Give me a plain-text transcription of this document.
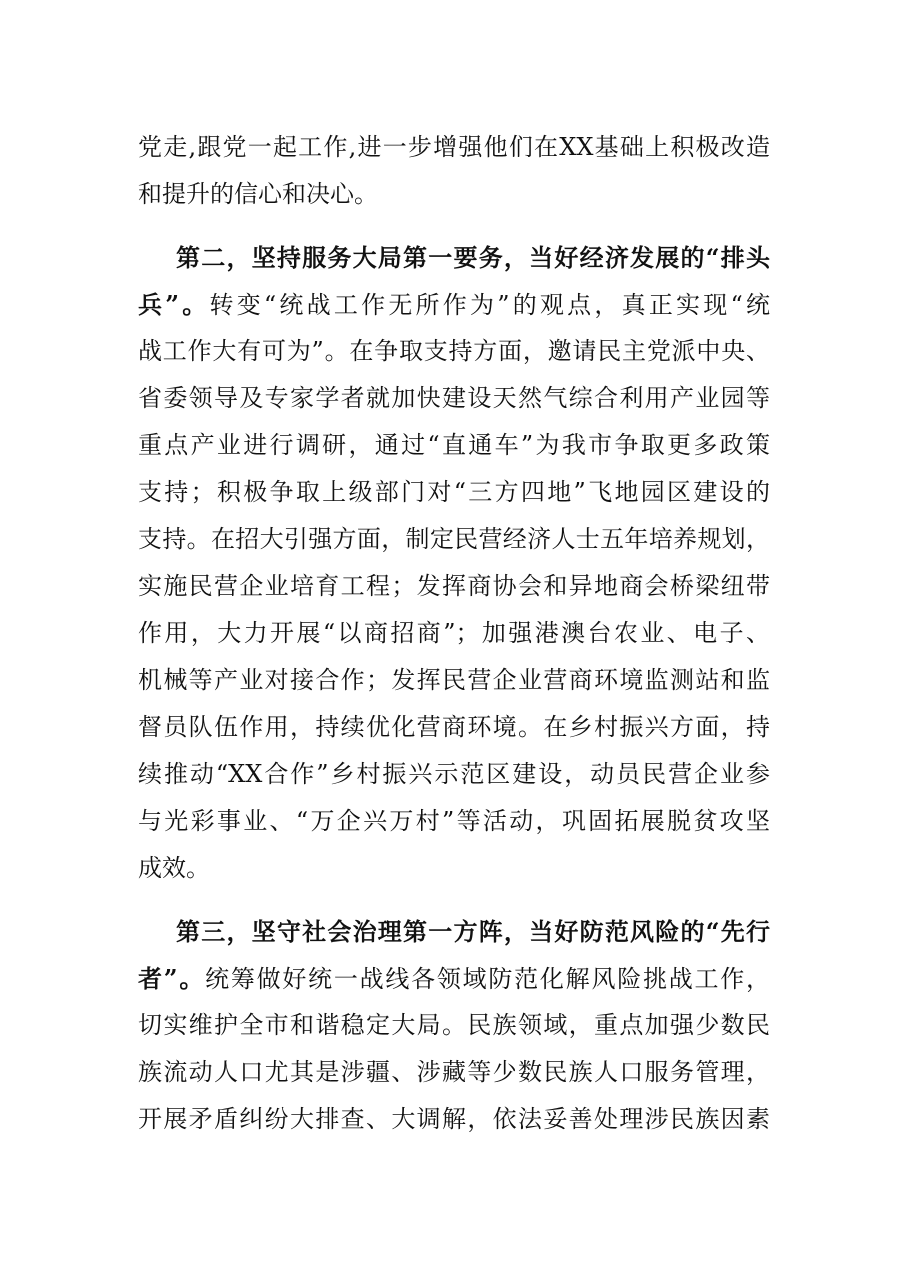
党走,跟党一起工作,进一步增强他们在XX基础上积极改造
和提升的信心和决心。
第二，坚持服务大局第一要务，当好经济发展的“排头
兵”。转变“统战工作无所作为”的观点，真正实现“统
战工作大有可为”。在争取支持方面，邀请民主党派中央、
省委领导及专家学者就加快建设天然气综合利用产业园等
重点产业进行调研，通过“直通车”为我市争取更多政策
支持；积极争取上级部门对“三方四地”飞地园区建设的
支持。在招大引强方面，制定民营经济人士五年培养规划，
实施民营企业培育工程；发挥商协会和异地商会桥梁纽带
作用，大力开展“以商招商”；加强港澳台农业、电子、
机械等产业对接合作；发挥民营企业营商环境监测站和监
督员队伍作用，持续优化营商环境。在乡村振兴方面，持
续推动“XX合作”乡村振兴示范区建设，动员民营企业参
与光彩事业、“万企兴万村”等活动，巩固拓展脱贫攻坚
成效。
第三，坚守社会治理第一方阵，当好防范风险的“先行
者”。统筹做好统一战线各领域防范化解风险挑战工作，
切实维护全市和谐稳定大局。民族领域，重点加强少数民
族流动人口尤其是涉疆、涉藏等少数民族人口服务管理，
开展矛盾纠纷大排查、大调解，依法妥善处理涉民族因素
